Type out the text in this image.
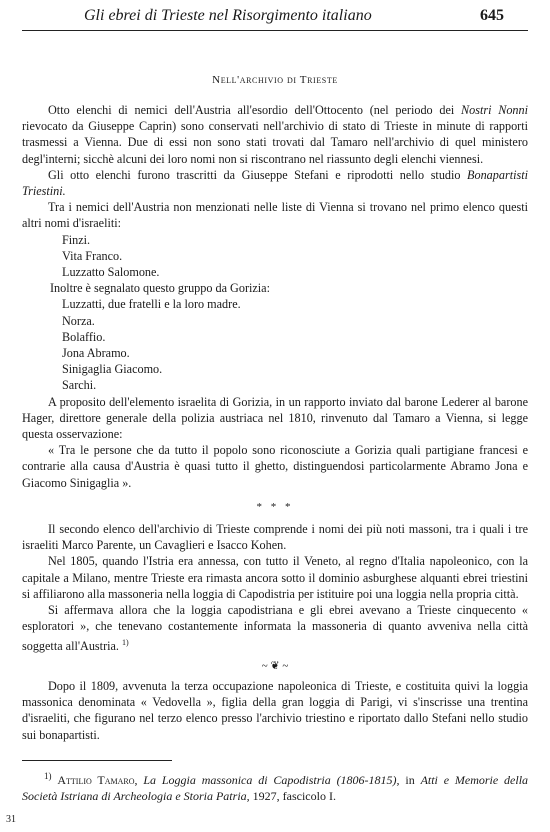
Gli ebrei di Trieste nel Risorgimento italiano	645
Nell'archivio di Trieste

Otto elenchi di nemici dell'Austria all'esordio dell'Ottocento (nel periodo dei Nostri Nonni rievocato da Giuseppe Caprin) sono conservati nell'archivio di stato di Trieste in minute di rapporti trasmessi a Vienna. Due di essi non sono stati trovati dal Tamaro nell'archivio di quel ministero degl'interni; sicchè alcuni dei loro nomi non si riscontrano nel riassunto degli elenchi viennesi.

Gli otto elenchi furono trascritti da Giuseppe Stefani e riprodotti nello studio Bonapartisti Triestini.

Tra i nemici dell'Austria non menzionati nelle liste di Vienna si trovano nel primo elenco questi altri nomi d'israeliti:

Finzi.
Vita Franco.
Luzzatto Salomone.

Inoltre è segnalato questo gruppo da Gorizia:

Luzzatti, due fratelli e la loro madre.
Norza.
Bolaffio.
Jona Abramo.
Sinigaglia Giacomo.
Sarchi.

A proposito dell'elemento israelita di Gorizia, in un rapporto inviato dal barone Lederer al barone Hager, direttore generale della polizia austriaca nel 1810, rinvenuto dal Tamaro a Vienna, si legge questa osservazione:

« Tra le persone che da tutto il popolo sono riconosciute a Gorizia quali partigiane francesi e contrarie alla causa d'Austria è quasi tutto il ghetto, distinguendosi particolarmente Abramo Jona e Giacomo Sinigaglia ».

* * *

Il secondo elenco dell'archivio di Trieste comprende i nomi dei più noti massoni, tra i quali i tre israeliti Marco Parente, un Cavaglieri e Isacco Kohen.

Nel 1805, quando l'Istria era annessa, con tutto il Veneto, al regno d'Italia napoleonico, con la capitale a Milano, mentre Trieste era rimasta ancora sotto il dominio asburghese alquanti ebrei triestini si affiliarono alla massoneria nella loggia di Capodistria per istituire poi una loggia nella propria città.

Si affermava allora che la loggia capodistriana e gli ebrei avevano a Trieste cinquecento « esploratori », che tenevano costantemente informata la massoneria di quanto avveniva nella città soggetta all'Austria. $^{1)}$

~ ❦ ~

Dopo il 1809, avvenuta la terza occupazione napoleonica di Trieste, e costituita quivi la loggia massonica denominata « Vedovella », figlia della gran loggia di Parigi, vi s'inscrisse una trentina d'israeliti, che figurano nel terzo elenco presso l'archivio triestino e riportato dallo Stefani nello studio sui bonapartisti.

$^{1)}$ Attilio Tamaro, La Loggia massonica di Capodistria (1806-1815), in Atti e Memorie della Società Istriana di Archeologia e Storia Patria, 1927, fascicolo I.
31
